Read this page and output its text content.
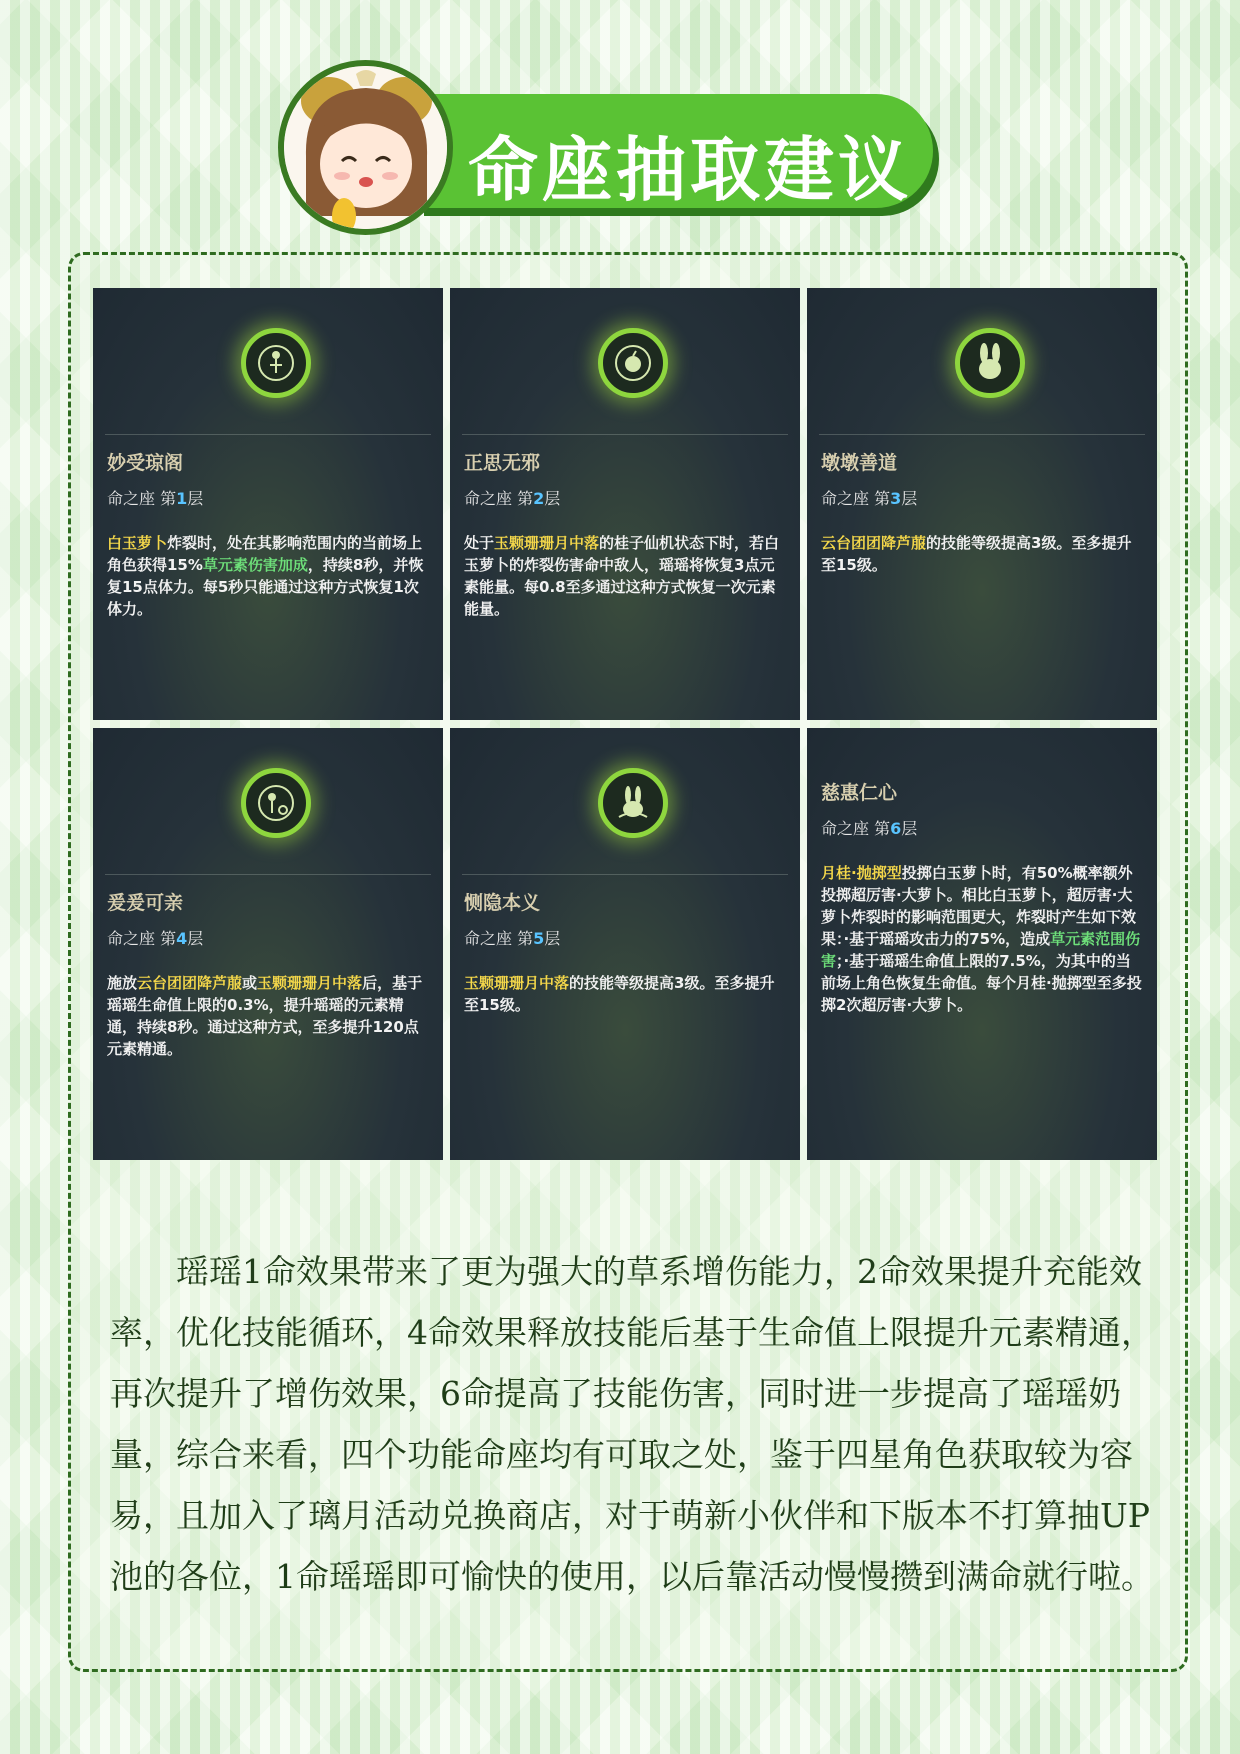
命座抽取建议
妙受琼阁
命之座 第1层
白玉萝卜炸裂时，处在其影响范围内的当前场上角色获得15%草元素伤害加成，持续8秒，并恢复15点体力。每5秒只能通过这种方式恢复1次体力。
正思无邪
命之座 第2层
处于玉颗珊珊月中落的桂子仙机状态下时，若白玉萝卜的炸裂伤害命中敌人，瑶瑶将恢复3点元素能量。每0.8至多通过这种方式恢复一次元素能量。
墩墩善道
命之座 第3层
云台团团降芦菔的技能等级提高3级。至多提升至15级。
爰爰可亲
命之座 第4层
施放云台团团降芦菔或玉颗珊珊月中落后，基于瑶瑶生命值上限的0.3%，提升瑶瑶的元素精通，持续8秒。通过这种方式，至多提升120点元素精通。
恻隐本义
命之座 第5层
玉颗珊珊月中落的技能等级提高3级。至多提升至15级。
慈惠仁心
命之座 第6层
月桂·抛掷型投掷白玉萝卜时，有50%概率额外投掷超厉害·大萝卜。相比白玉萝卜，超厉害·大萝卜炸裂时的影响范围更大，炸裂时产生如下效果：·基于瑶瑶攻击力的75%，造成草元素范围伤害；·基于瑶瑶生命值上限的7.5%，为其中的当前场上角色恢复生命值。每个月桂·抛掷型至多投掷2次超厉害·大萝卜。

瑶瑶1命效果带来了更为强大的草系增伤能力，2命效果提升充能效率，优化技能循环，4命效果释放技能后基于生命值上限提升元素精通，再次提升了增伤效果，6命提高了技能伤害，同时进一步提高了瑶瑶奶量，综合来看，四个功能命座均有可取之处，鉴于四星角色获取较为容易，且加入了璃月活动兑换商店，对于萌新小伙伴和下版本不打算抽UP池的各位，1命瑶瑶即可愉快的使用，以后靠活动慢慢攒到满命就行啦。
